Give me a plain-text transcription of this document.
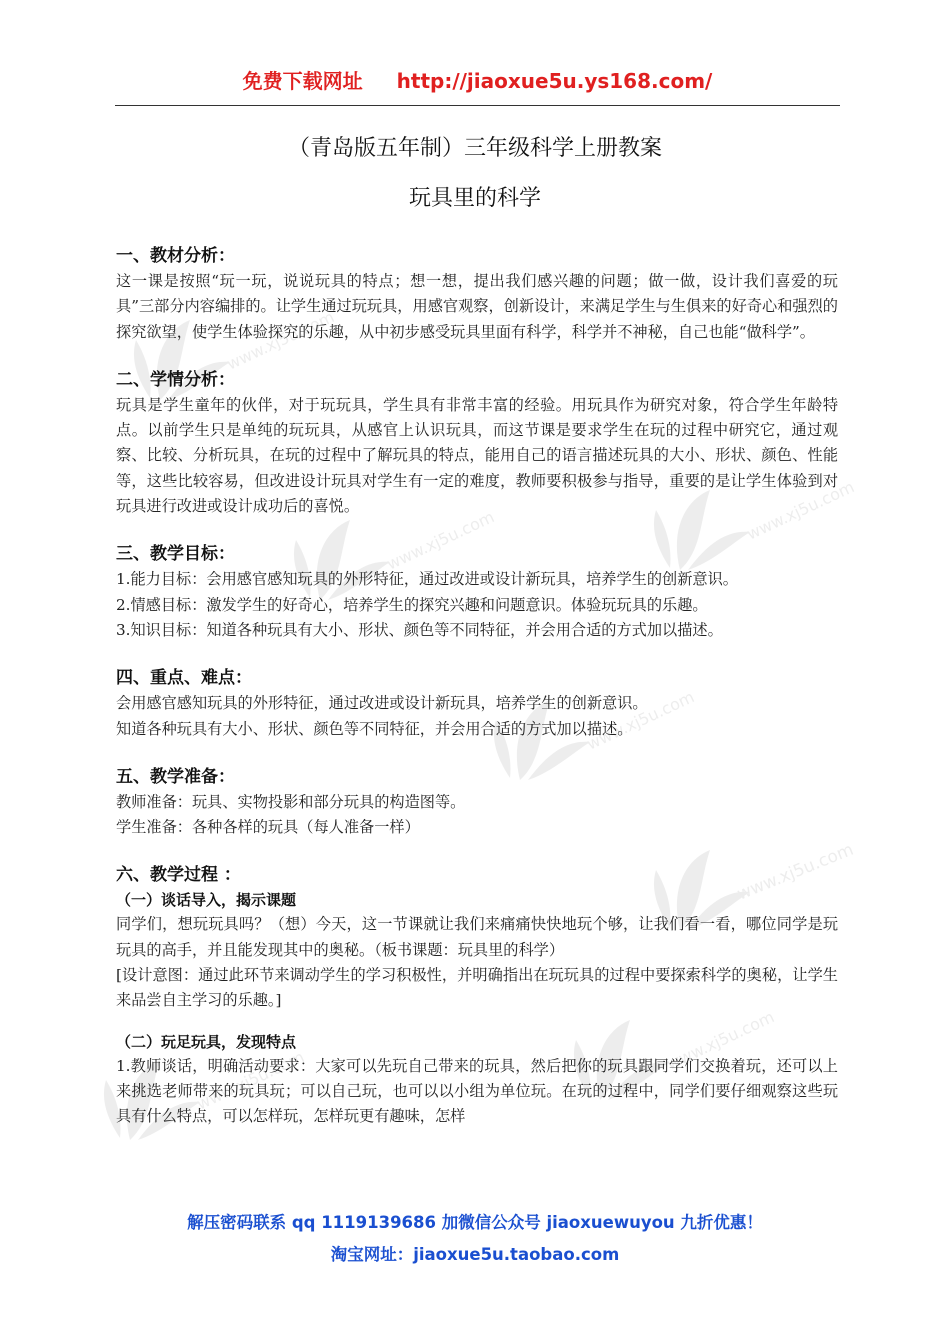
www.xj5u.com
www.xj5u.com	www.xj5u.com
www.xj5u.com
www.xj5u.com
www.xj5u.com
www.xj5u.com
免费下载网址 http://jiaoxue5u.ys168.com/
（青岛版五年制）三年级科学上册教案
玩具里的科学
一、教材分析：

这一课是按照“玩一玩，说说玩具的特点；想一想，提出我们感兴趣的问题；做一做，设计我们喜爱的玩具”三部分内容编排的。让学生通过玩玩具，用感官观察，创新设计，来满足学生与生俱来的好奇心和强烈的探究欲望，使学生体验探究的乐趣，从中初步感受玩具里面有科学，科学并不神秘，自己也能“做科学”。

二、学情分析：

玩具是学生童年的伙伴，对于玩玩具，学生具有非常丰富的经验。用玩具作为研究对象，符合学生年龄特点。以前学生只是单纯的玩玩具，从感官上认识玩具，而这节课是要求学生在玩的过程中研究它，通过观察、比较、分析玩具，在玩的过程中了解玩具的特点，能用自己的语言描述玩具的大小、形状、颜色、性能等，这些比较容易，但改进设计玩具对学生有一定的难度，教师要积极参与指导，重要的是让学生体验到对玩具进行改进或设计成功后的喜悦。

三、教学目标：

1.能力目标：会用感官感知玩具的外形特征，通过改进或设计新玩具，培养学生的创新意识。

2.情感目标：激发学生的好奇心，培养学生的探究兴趣和问题意识。体验玩玩具的乐趣。

3.知识目标：知道各种玩具有大小、形状、颜色等不同特征，并会用合适的方式加以描述。

四、重点、难点：

会用感官感知玩具的外形特征，通过改进或设计新玩具，培养学生的创新意识。

知道各种玩具有大小、形状、颜色等不同特征，并会用合适的方式加以描述。

五、教学准备：

教师准备：玩具、实物投影和部分玩具的构造图等。

学生准备：各种各样的玩具（每人准备一样）

六、教学过程 ：
（一）谈话导入，揭示课题

同学们，想玩玩具吗？（想）今天，这一节课就让我们来痛痛快快地玩个够，让我们看一看，哪位同学是玩玩具的高手，并且能发现其中的奥秘。（板书课题：玩具里的科学）

[设计意图：通过此环节来调动学生的学习积极性，并明确指出在玩玩具的过程中要探索科学的奥秘，让学生来品尝自主学习的乐趣。]

（二）玩足玩具，发现特点

1.教师谈话，明确活动要求：大家可以先玩自己带来的玩具，然后把你的玩具跟同学们交换着玩，还可以上来挑选老师带来的玩具玩；可以自己玩，也可以以小组为单位玩。在玩的过程中，同学们要仔细观察这些玩具有什么特点，可以怎样玩，怎样玩更有趣味，怎样

解压密码联系 qq 1119139686 加微信公众号 jiaoxuewuyou 九折优惠！
淘宝网址：jiaoxue5u.taobao.com
